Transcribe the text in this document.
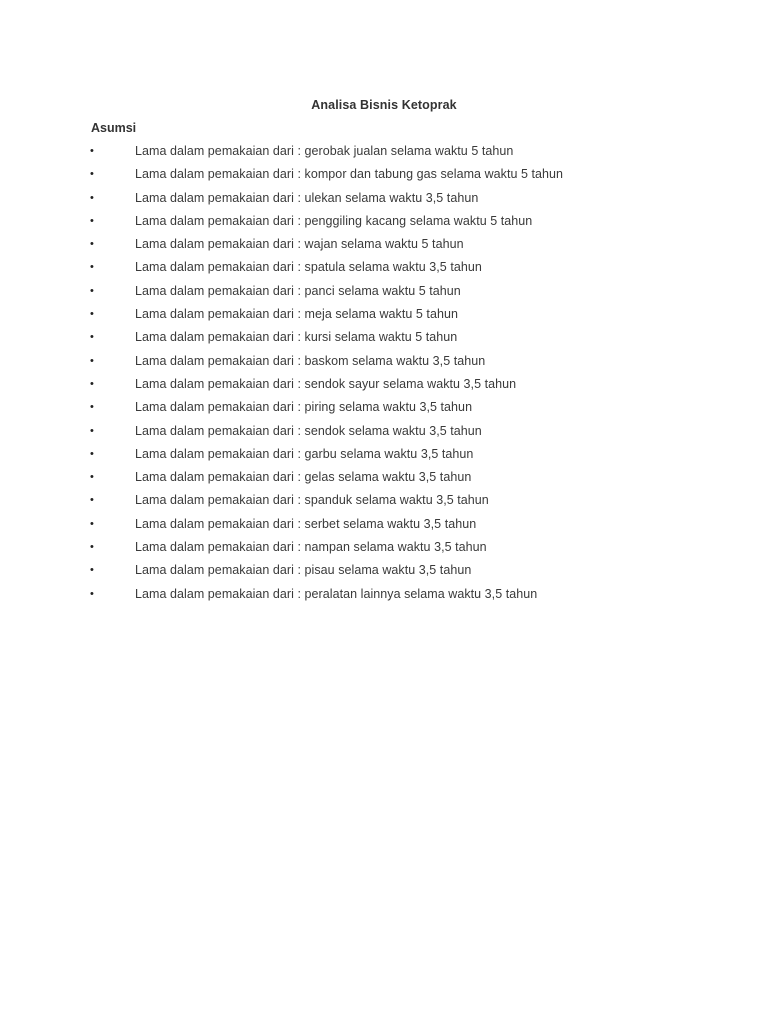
Analisa Bisnis Ketoprak
Asumsi
•	Lama dalam pemakaian dari : gerobak jualan selama waktu 5 tahun
•	Lama dalam pemakaian dari : kompor dan tabung gas selama waktu 5 tahun
•	Lama dalam pemakaian dari : ulekan selama waktu 3,5 tahun
•	Lama dalam pemakaian dari : penggiling kacang selama waktu 5 tahun
•	Lama dalam pemakaian dari : wajan selama waktu 5 tahun
•	Lama dalam pemakaian dari : spatula selama waktu 3,5 tahun
•	Lama dalam pemakaian dari : panci selama waktu 5 tahun
•	Lama dalam pemakaian dari : meja selama waktu 5 tahun
•	Lama dalam pemakaian dari : kursi selama waktu 5 tahun
•	Lama dalam pemakaian dari : baskom selama waktu 3,5 tahun
•	Lama dalam pemakaian dari : sendok sayur selama waktu 3,5 tahun
•	Lama dalam pemakaian dari : piring selama waktu 3,5 tahun
•	Lama dalam pemakaian dari : sendok selama waktu 3,5 tahun
•	Lama dalam pemakaian dari : garbu selama waktu 3,5 tahun
•	Lama dalam pemakaian dari : gelas selama waktu 3,5 tahun
•	Lama dalam pemakaian dari : spanduk selama waktu 3,5 tahun
•	Lama dalam pemakaian dari : serbet selama waktu 3,5 tahun
•	Lama dalam pemakaian dari : nampan selama waktu 3,5 tahun
•	Lama dalam pemakaian dari : pisau selama waktu 3,5 tahun
•	Lama dalam pemakaian dari : peralatan lainnya selama waktu 3,5 tahun
